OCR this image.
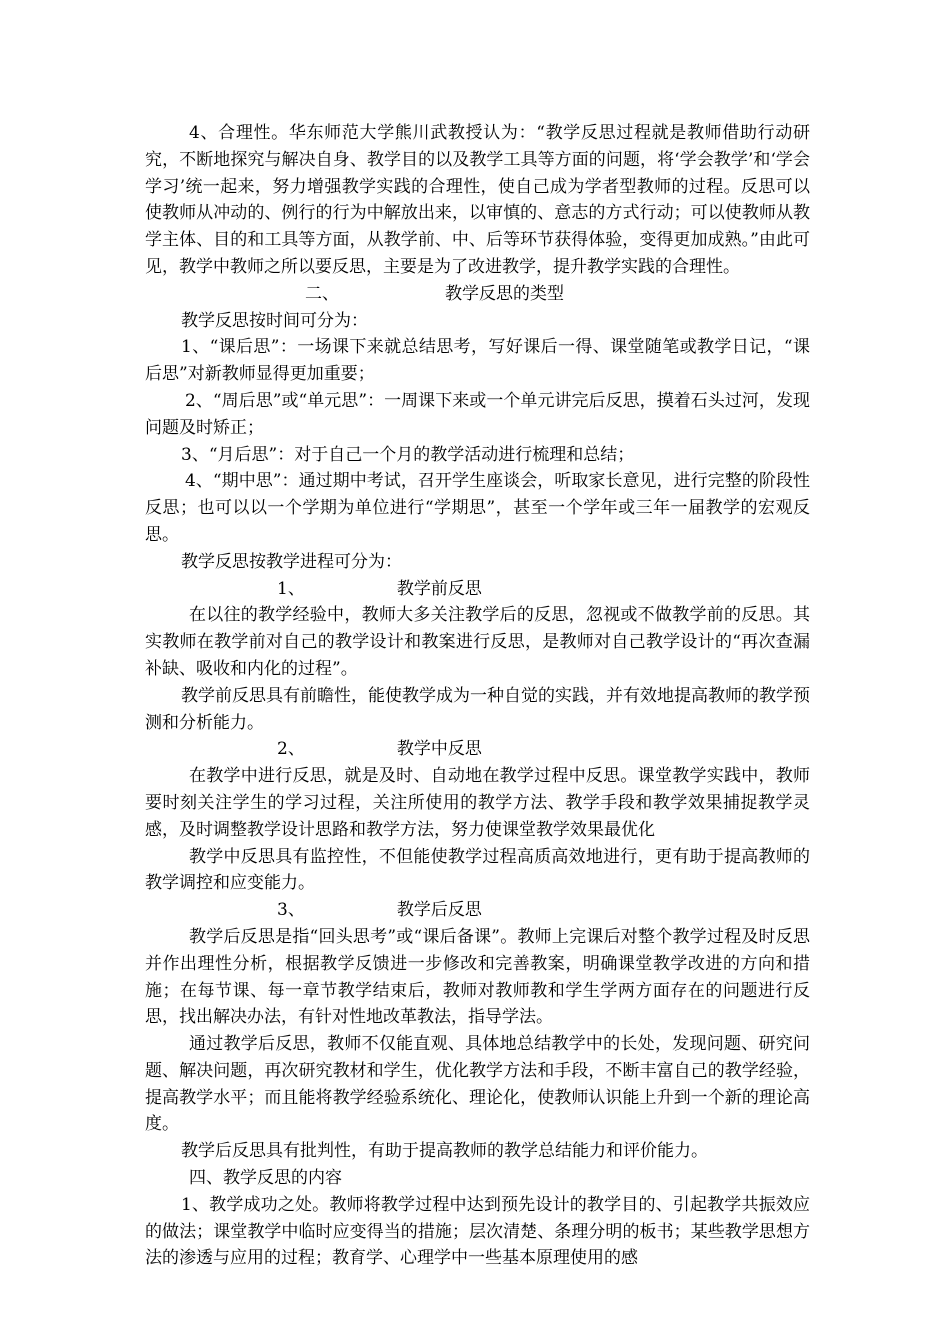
4、合理性。华东师范大学熊川武教授认为：“教学反思过程就是教师借助行动研究，不断地探究与解决自身、教学目的以及教学工具等方面的问题，将‘学会教学’和‘学会学习’统一起来，努力增强教学实践的合理性，使自己成为学者型教师的过程。反思可以使教师从冲动的、例行的行为中解放出来，以审慎的、意志的方式行动；可以使教师从教学主体、目的和工具等方面，从教学前、中、后等环节获得体验，变得更加成熟。”由此可见，教学中教师之所以要反思，主要是为了改进教学，提升教学实践的合理性。

二、	教学反思的类型

教学反思按时间可分为：

1、“课后思”：一场课下来就总结思考，写好课后一得、课堂随笔或教学日记，“课后思”对新教师显得更加重要；

2、“周后思”或“单元思”：一周课下来或一个单元讲完后反思，摸着石头过河，发现问题及时矫正；

3、“月后思”：对于自己一个月的教学活动进行梳理和总结；

4、“期中思”：通过期中考试，召开学生座谈会，听取家长意见，进行完整的阶段性反思；也可以以一个学期为单位进行“学期思”，甚至一个学年或三年一届教学的宏观反思。

教学反思按教学进程可分为：

1、	教学前反思

在以往的教学经验中，教师大多关注教学后的反思，忽视或不做教学前的反思。其实教师在教学前对自己的教学设计和教案进行反思，是教师对自己教学设计的“再次查漏补缺、吸收和内化的过程”。

教学前反思具有前瞻性，能使教学成为一种自觉的实践，并有效地提高教师的教学预测和分析能力。

2、	教学中反思

在教学中进行反思，就是及时、自动地在教学过程中反思。课堂教学实践中，教师要时刻关注学生的学习过程，关注所使用的教学方法、教学手段和教学效果捕捉教学灵感，及时调整教学设计思路和教学方法，努力使课堂教学效果最优化

教学中反思具有监控性，不但能使教学过程高质高效地进行，更有助于提高教师的教学调控和应变能力。

3、	教学后反思

教学后反思是指“回头思考”或“课后备课”。教师上完课后对整个教学过程及时反思并作出理性分析，根据教学反馈进一步修改和完善教案，明确课堂教学改进的方向和措施；在每节课、每一章节教学结束后，教师对教师教和学生学两方面存在的问题进行反思，找出解决办法，有针对性地改革教法，指导学法。

通过教学后反思，教师不仅能直观、具体地总结教学中的长处，发现问题、研究问题、解决问题，再次研究教材和学生，优化教学方法和手段，不断丰富自己的教学经验，提高教学水平；而且能将教学经验系统化、理论化，使教师认识能上升到一个新的理论高度。

教学后反思具有批判性，有助于提高教师的教学总结能力和评价能力。

四、教学反思的内容

1、教学成功之处。教师将教学过程中达到预先设计的教学目的、引起教学共振效应的做法；课堂教学中临时应变得当的措施；层次清楚、条理分明的板书；某些教学思想方法的渗透与应用的过程；教育学、心理学中一些基本原理使用的感
